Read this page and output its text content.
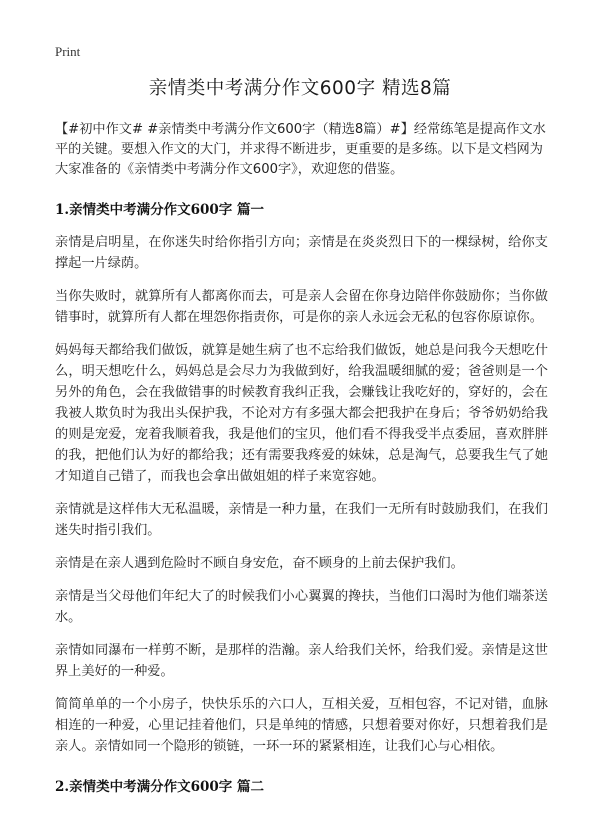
Print
亲情类中考满分作文600字 精选8篇

【#初中作文# #亲情类中考满分作文600字（精选8篇）#】经常练笔是提高作文水平的关键。要想入作文的大门，并求得不断进步，更重要的是多练。以下是文档网为大家准备的《亲情类中考满分作文600字》，欢迎您的借鉴。

1.亲情类中考满分作文600字 篇一

亲情是启明星，在你迷失时给你指引方向；亲情是在炎炎烈日下的一棵绿树，给你支撑起一片绿荫。

当你失败时，就算所有人都离你而去，可是亲人会留在你身边陪伴你鼓励你；当你做错事时，就算所有人都在埋怨你指责你，可是你的亲人永远会无私的包容你原谅你。

妈妈每天都给我们做饭，就算是她生病了也不忘给我们做饭，她总是问我今天想吃什么，明天想吃什么，妈妈总是会尽力为我做到好，给我温暖细腻的爱；爸爸则是一个另外的角色，会在我做错事的时候教育我纠正我，会赚钱让我吃好的，穿好的，会在我被人欺负时为我出头保护我，不论对方有多强大都会把我护在身后；爷爷奶奶给我的则是宠爱，宠着我顺着我，我是他们的宝贝，他们看不得我受半点委屈，喜欢胖胖的我，把他们认为好的都给我；还有需要我疼爱的妹妹，总是淘气，总要我生气了她才知道自己错了，而我也会拿出做姐姐的样子来宽容她。

亲情就是这样伟大无私温暖，亲情是一种力量，在我们一无所有时鼓励我们，在我们迷失时指引我们。

亲情是在亲人遇到危险时不顾自身安危，奋不顾身的上前去保护我们。

亲情是当父母他们年纪大了的时候我们小心翼翼的搀扶，当他们口渴时为他们端茶送水。

亲情如同瀑布一样剪不断，是那样的浩瀚。亲人给我们关怀，给我们爱。亲情是这世界上美好的一种爱。

简简单单的一个小房子，快快乐乐的六口人，互相关爱，互相包容，不记对错，血脉相连的一种爱，心里记挂着他们，只是单纯的情感，只想着要对你好，只想着我们是亲人。亲情如同一个隐形的锁链，一环一环的紧紧相连，让我们心与心相依。

2.亲情类中考满分作文600字 篇二
